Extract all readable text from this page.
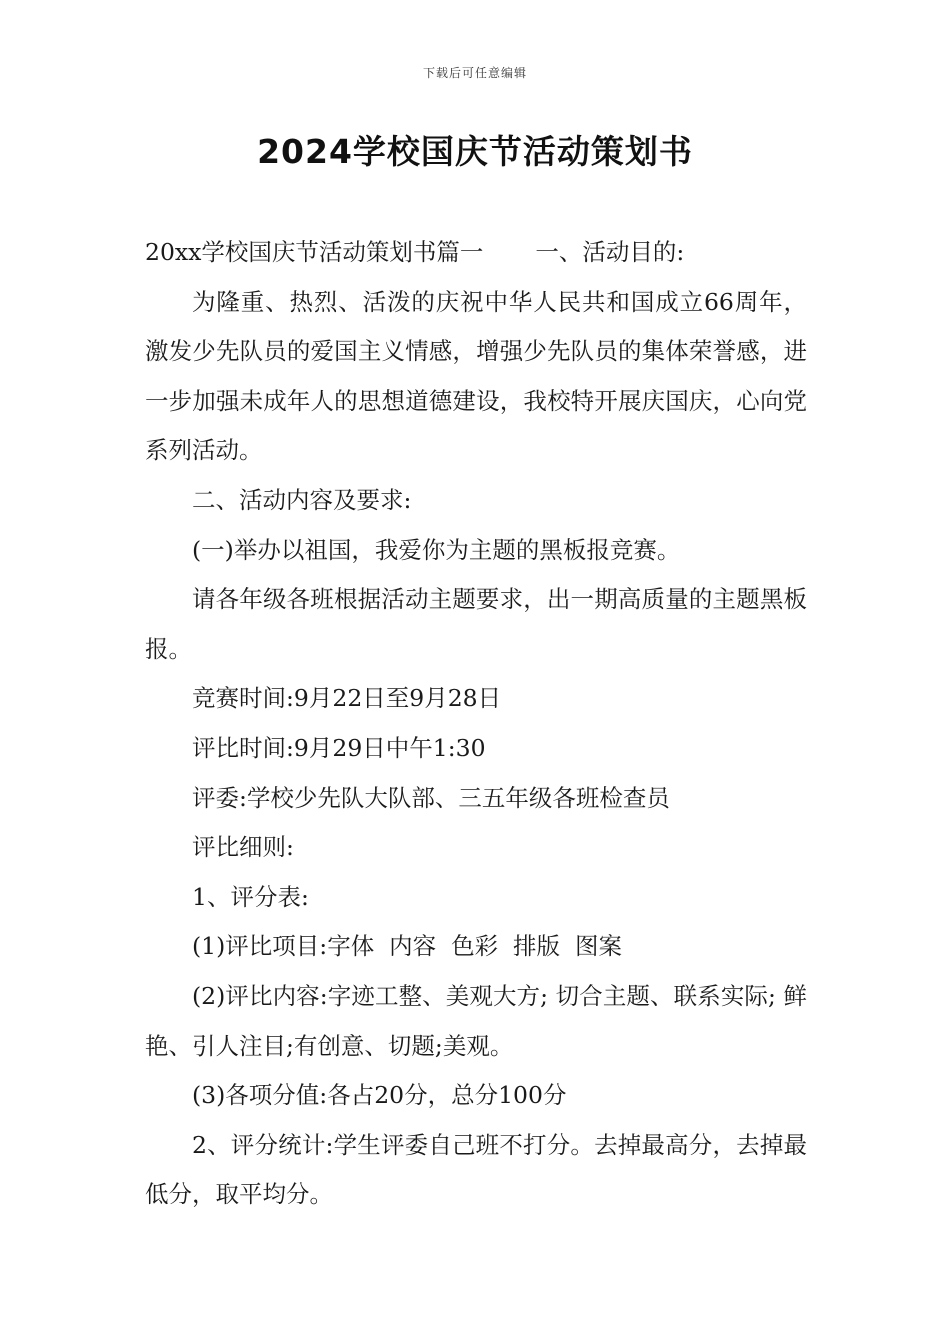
下载后可任意编辑
2024学校国庆节活动策划书

20xx学校国庆节活动策划书篇一 一、活动目的:

为隆重、热烈、活泼的庆祝中华人民共和国成立66周年，激发少先队员的爱国主义情感，增强少先队员的集体荣誉感，进一步加强未成年人的思想道德建设，我校特开展庆国庆，心向党系列活动。

二、活动内容及要求:

(一)举办以祖国，我爱你为主题的黑板报竞赛。

请各年级各班根据活动主题要求，出一期高质量的主题黑板报。

竞赛时间:9月22日至9月28日

评比时间:9月29日中午1:30

评委:学校少先队大队部、三五年级各班检查员

评比细则:

1、评分表:

(1)评比项目:字体  内容  色彩  排版  图案

(2)评比内容:字迹工整、美观大方; 切合主题、联系实际; 鲜艳、引人注目;有创意、切题;美观。

(3)各项分值:各占20分，总分100分

2、评分统计:学生评委自己班不打分。去掉最高分，去掉最低分，取平均分。
